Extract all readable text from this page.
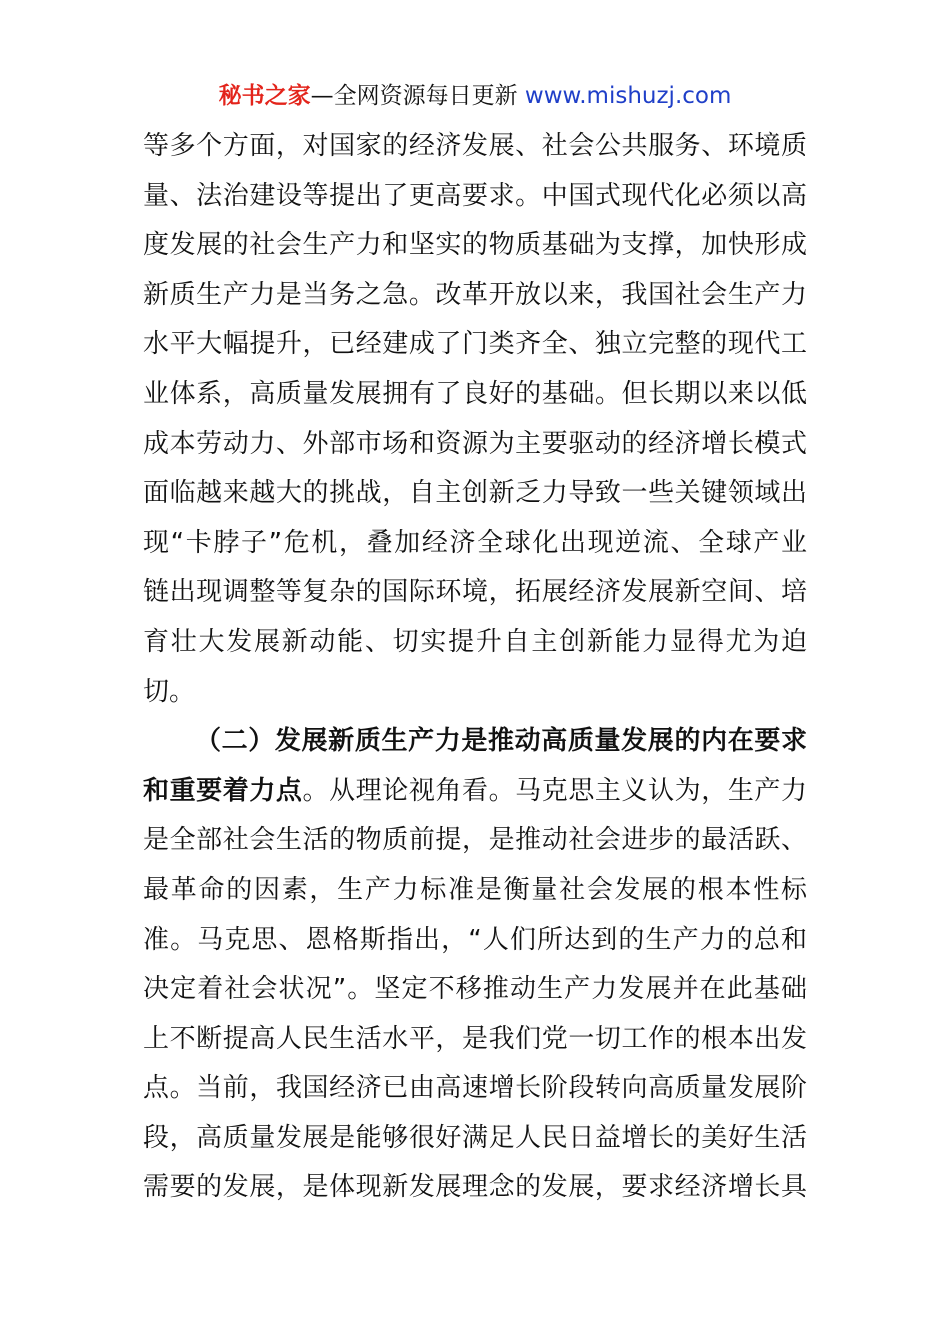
秘书之家—全网资源每日更新 www.mishuzj.com
等多个方面，对国家的经济发展、社会公共服务、环境质
量、法治建设等提出了更高要求。中国式现代化必须以高
度发展的社会生产力和坚实的物质基础为支撑，加快形成
新质生产力是当务之急。改革开放以来，我国社会生产力
水平大幅提升，已经建成了门类齐全、独立完整的现代工
业体系，高质量发展拥有了良好的基础。但长期以来以低
成本劳动力、外部市场和资源为主要驱动的经济增长模式
面临越来越大的挑战，自主创新乏力导致一些关键领域出
现“卡脖子”危机，叠加经济全球化出现逆流、全球产业
链出现调整等复杂的国际环境，拓展经济发展新空间、培
育壮大发展新动能、切实提升自主创新能力显得尤为迫
切。
（二）发展新质生产力是推动高质量发展的内在要求
和重要着力点。从理论视角看。马克思主义认为，生产力
是全部社会生活的物质前提，是推动社会进步的最活跃、
最革命的因素，生产力标准是衡量社会发展的根本性标
准。马克思、恩格斯指出，“人们所达到的生产力的总和
决定着社会状况”。坚定不移推动生产力发展并在此基础
上不断提高人民生活水平，是我们党一切工作的根本出发
点。当前，我国经济已由高速增长阶段转向高质量发展阶
段，高质量发展是能够很好满足人民日益增长的美好生活
需要的发展，是体现新发展理念的发展，要求经济增长具
